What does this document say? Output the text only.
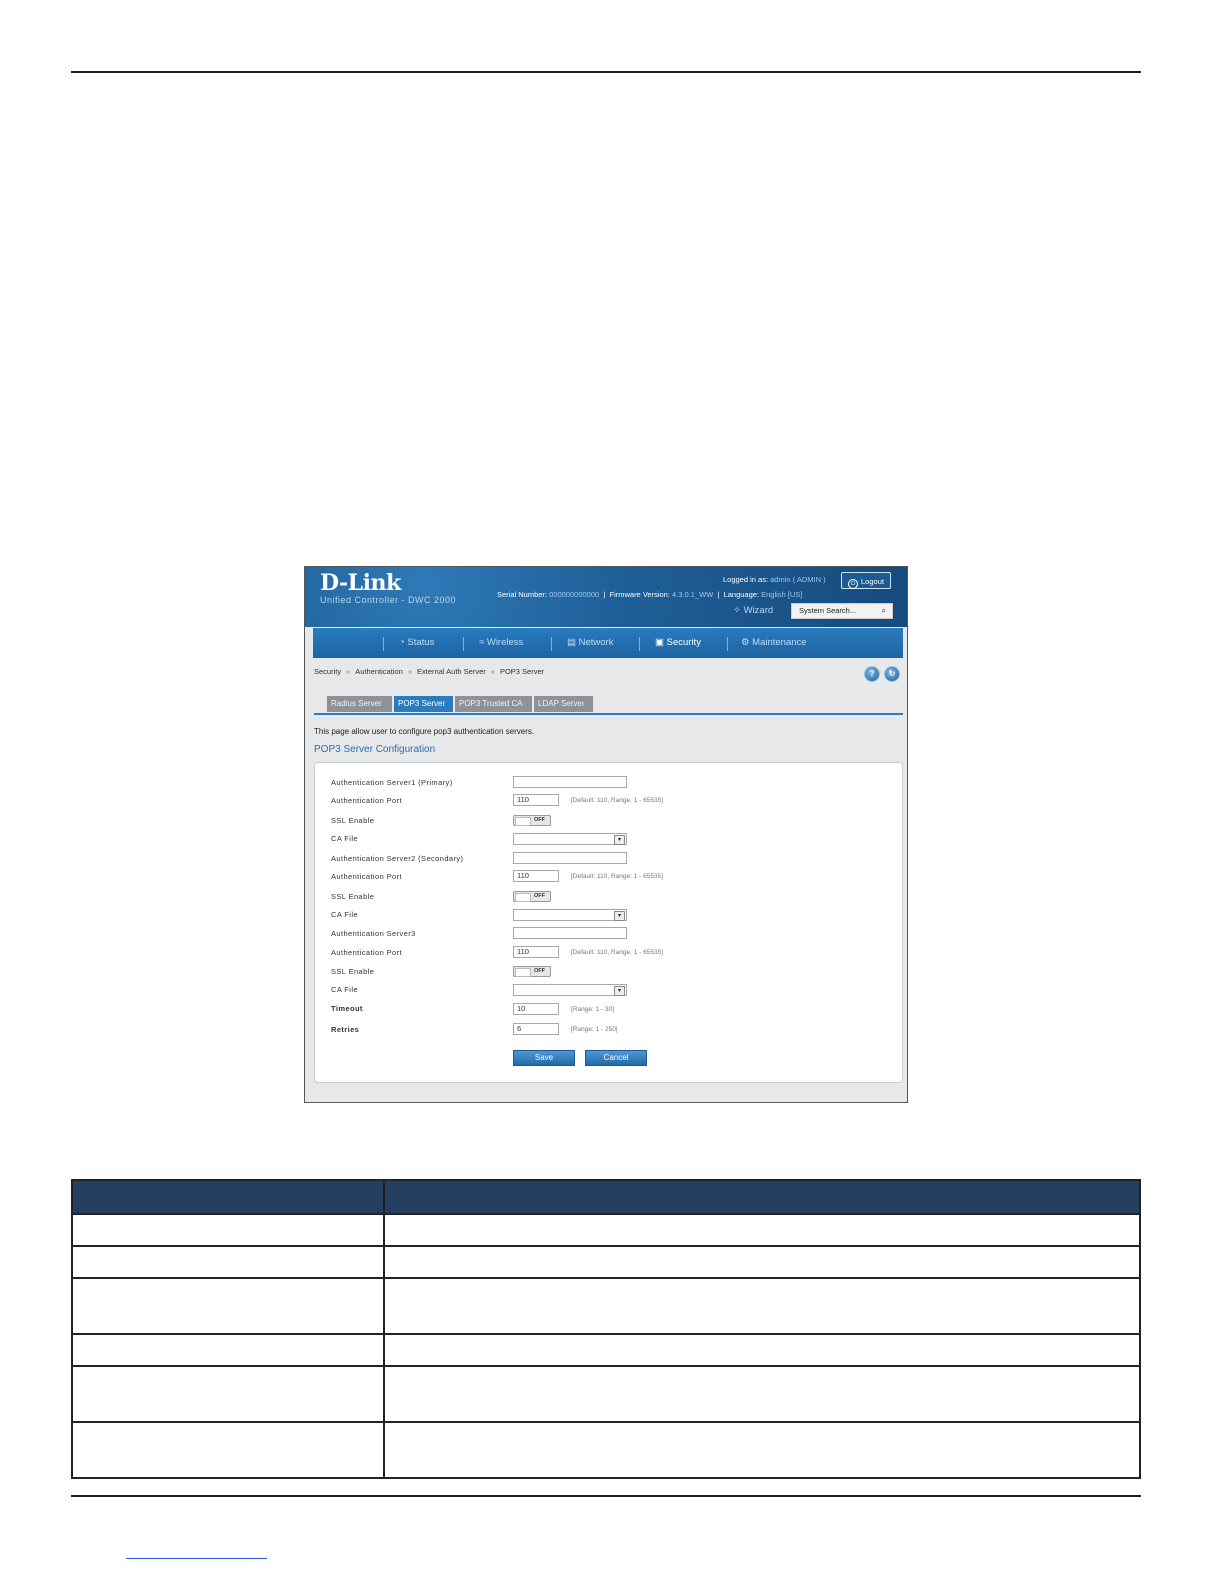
D-Link
Unified Controller - DWC 2000
Logged in as: admin ( ADMIN )	⏻ Logout
Serial Number: 000000000000  |  Firmware Version: 4.3.0.1_WW  |  Language: English [US]
✧ Wizard	System Search...	⌕
◔ Status	≈ Wireless	▤ Network	▣ Security	⚙ Maintenance
Security » Authentication » External Auth Server » POP3 Server	?	↻
Radius Server	POP3 Server	POP3 Trusted CA	LDAP Server
This page allow user to configure pop3 authentication servers.
POP3 Server Configuration
Authentication Server1 (Primary)
Authentication Port	110	[Default: 110, Range: 1 - 65535]
SSL Enable	OFF
CA File	▾
Authentication Server2 (Secondary)
Authentication Port	110	[Default: 110, Range: 1 - 65535]
SSL Enable	OFF
CA File	▾
Authentication Server3
Authentication Port	110	[Default: 110, Range: 1 - 65535]
SSL Enable	OFF
CA File	▾
Timeout	10	[Range: 1 - 30]
Retries	6	[Range: 1 - 250]
Save	Cancel
